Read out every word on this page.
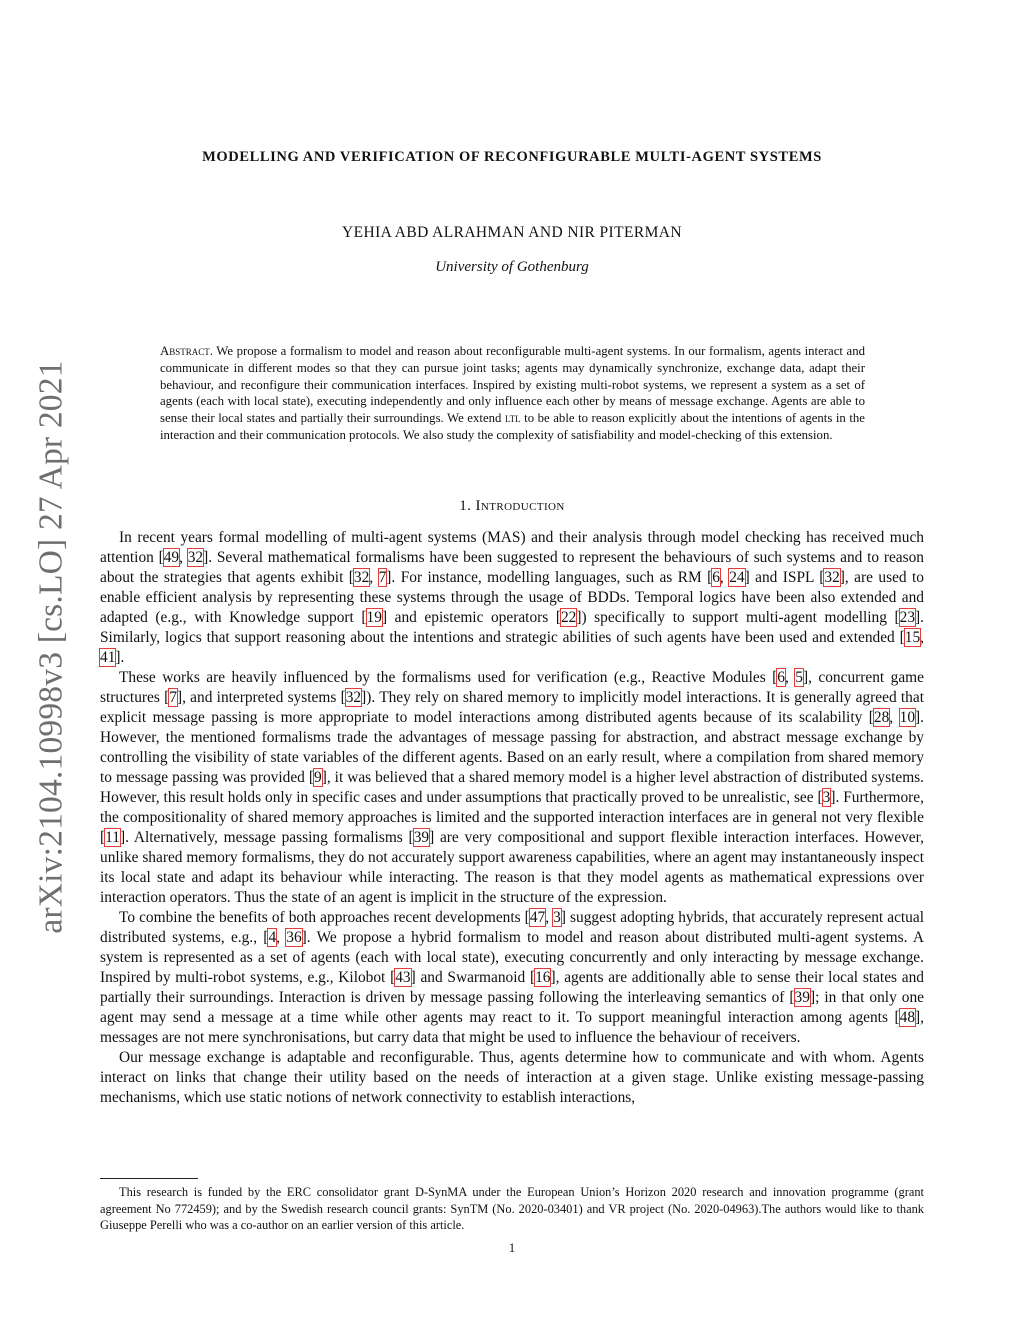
arXiv:2104.10998v3 [cs.LO] 27 Apr 2021
MODELLING AND VERIFICATION OF RECONFIGURABLE MULTI-AGENT SYSTEMS
YEHIA ABD ALRAHMAN AND NIR PITERMAN
University of Gothenburg
Abstract. We propose a formalism to model and reason about reconfigurable multi-agent systems. In our formalism, agents interact and communicate in different modes so that they can pursue joint tasks; agents may dynamically synchronize, exchange data, adapt their behaviour, and reconfigure their communication interfaces. Inspired by existing multi-robot systems, we represent a system as a set of agents (each with local state), executing independently and only influence each other by means of message exchange. Agents are able to sense their local states and partially their surroundings. We extend ltl to be able to reason explicitly about the intentions of agents in the interaction and their communication protocols. We also study the complexity of satisfiability and model-checking of this extension.
1. Introduction

In recent years formal modelling of multi-agent systems (MAS) and their analysis through model checking has received much attention [49, 32]. Several mathematical formalisms have been suggested to represent the behaviours of such systems and to reason about the strategies that agents exhibit [32, 7]. For instance, modelling languages, such as RM [6, 24] and ISPL [32], are used to enable efficient analysis by representing these systems through the usage of BDDs. Temporal logics have been also extended and adapted (e.g., with Knowledge support [19] and epistemic operators [22]) specifically to support multi-agent modelling [23]. Similarly, logics that support reasoning about the intentions and strategic abilities of such agents have been used and extended [15, 41].

These works are heavily influenced by the formalisms used for verification (e.g., Reactive Modules [6, 5], concurrent game structures [7], and interpreted systems [32]). They rely on shared memory to implicitly model interactions. It is generally agreed that explicit message passing is more appropriate to model interactions among distributed agents because of its scalability [28, 10]. However, the mentioned formalisms trade the advantages of message passing for abstraction, and abstract message exchange by controlling the visibility of state variables of the different agents. Based on an early result, where a compilation from shared memory to message passing was provided [9], it was believed that a shared memory model is a higher level abstraction of distributed systems. However, this result holds only in specific cases and under assumptions that practically proved to be unrealistic, see [3]. Furthermore, the compositionality of shared memory approaches is limited and the supported interaction interfaces are in general not very flexible [11]. Alternatively, message passing formalisms [39] are very compositional and support flexible interaction interfaces. However, unlike shared memory formalisms, they do not accurately support awareness capabilities, where an agent may instantaneously inspect its local state and adapt its behaviour while interacting. The reason is that they model agents as mathematical expressions over interaction operators. Thus the state of an agent is implicit in the structure of the expression.

To combine the benefits of both approaches recent developments [47, 3] suggest adopting hybrids, that accurately represent actual distributed systems, e.g., [4, 36]. We propose a hybrid formalism to model and reason about distributed multi-agent systems. A system is represented as a set of agents (each with local state), executing concurrently and only interacting by message exchange. Inspired by multi-robot systems, e.g., Kilobot [43] and Swarmanoid [16], agents are additionally able to sense their local states and partially their surroundings. Interaction is driven by message passing following the interleaving semantics of [39]; in that only one agent may send a message at a time while other agents may react to it. To support meaningful interaction among agents [48], messages are not mere synchronisations, but carry data that might be used to influence the behaviour of receivers.

Our message exchange is adaptable and reconfigurable. Thus, agents determine how to communicate and with whom. Agents interact on links that change their utility based on the needs of interaction at a given stage. Unlike existing message-passing mechanisms, which use static notions of network connectivity to establish interactions,

This research is funded by the ERC consolidator grant D-SynMA under the European Union’s Horizon 2020 research and innovation programme (grant agreement No 772459); and by the Swedish research council grants: SynTM (No. 2020-03401) and VR project (No. 2020-04963).The authors would like to thank Giuseppe Perelli who was a co-author on an earlier version of this article.

1
